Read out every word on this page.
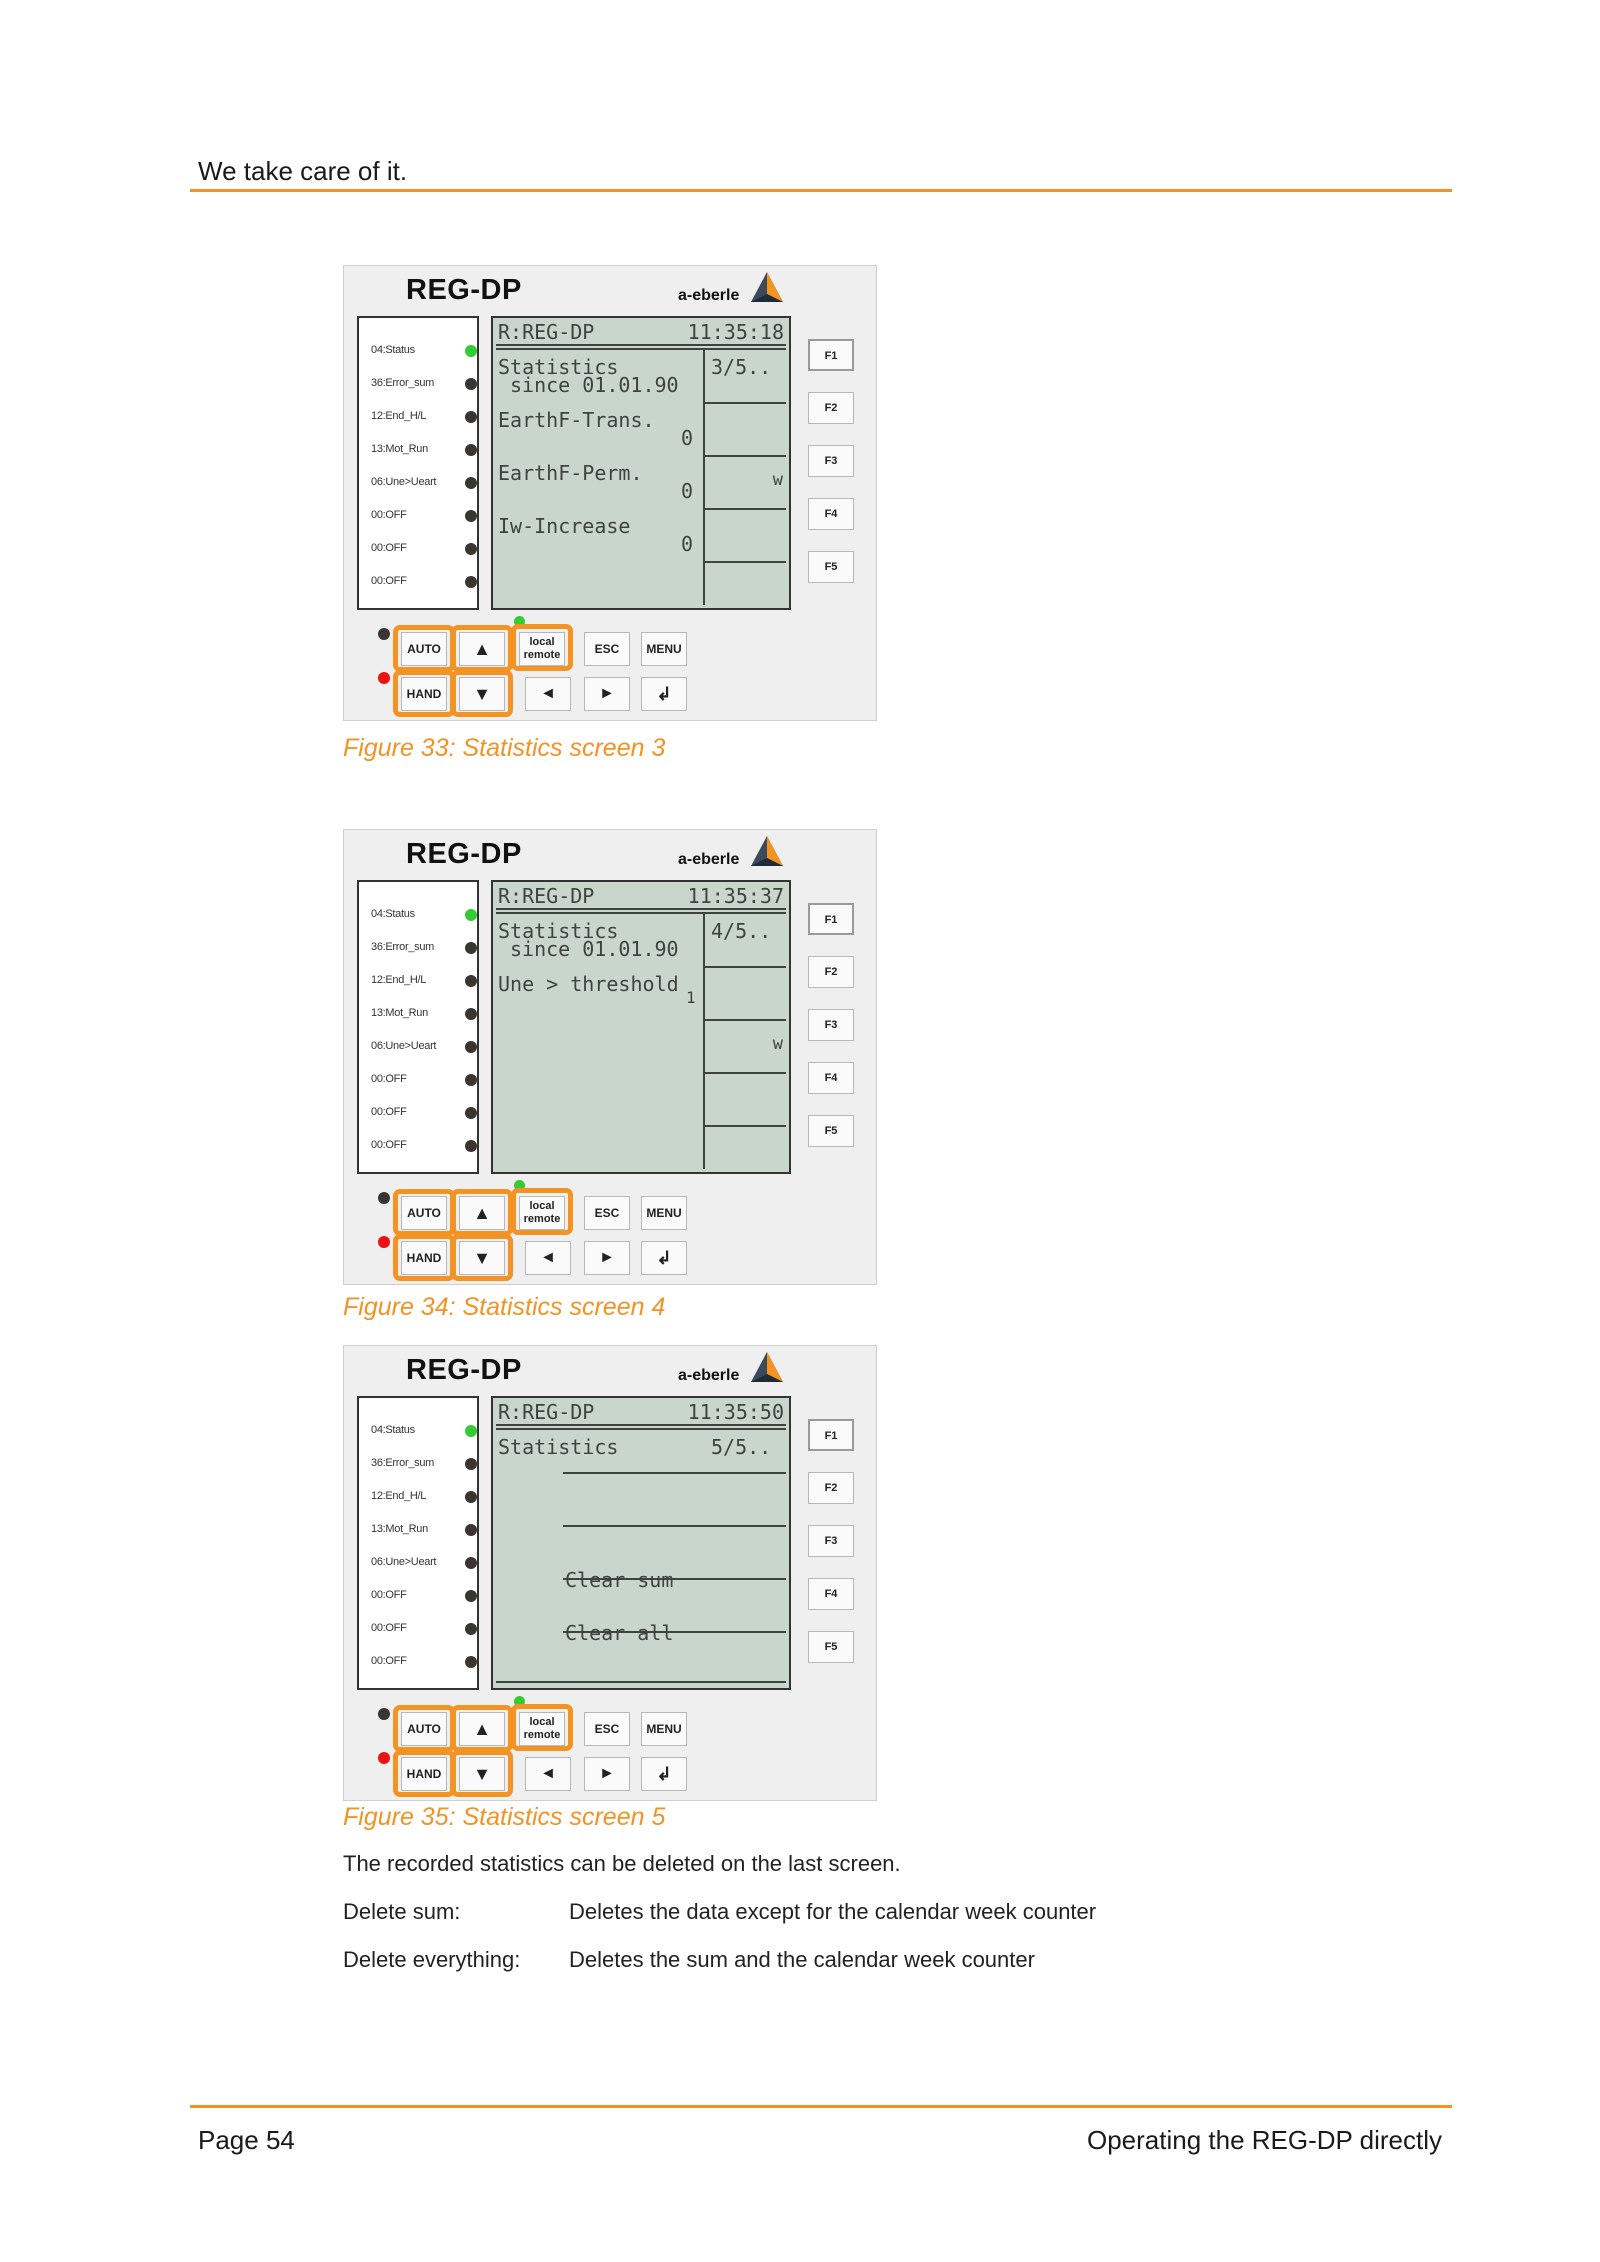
We take care of it.
REG-DP	a-eberle
04:Status
36:Error_sum
12:End_H/L
13:Mot_Run
06:Une>Ueart
00:OFF
00:OFF
00:OFF
R:REG-DP	11:35:18
Statistics	3/5..
since 01.01.90
w
EarthF-Trans.
0
EarthF-Perm.
0
Iw-Increase
0
F1
F2
F3
F4
F5
AUTO
HAND
▲
▼
local
remote	ESC	MENU
◄	►	↲
REG-DP	a-eberle
04:Status
36:Error_sum
12:End_H/L
13:Mot_Run
06:Une>Ueart
00:OFF
00:OFF
00:OFF
R:REG-DP	11:35:37
Statistics	4/5..
since 01.01.90
w
Une > threshold
1
F1
F2
F3
F4
F5
AUTO
HAND
▲
▼
local
remote	ESC	MENU
◄	►	↲
REG-DP	a-eberle
04:Status
36:Error_sum
12:End_H/L
13:Mot_Run
06:Une>Ueart
00:OFF
00:OFF
00:OFF
R:REG-DP	11:35:50
Statistics	5/5..
Clear sum
Clear all
F1
F2
F3
F4
F5
AUTO
HAND
▲
▼
local
remote	ESC	MENU
◄	►	↲
Figure 33: Statistics screen 3
Figure 34: Statistics screen 4
Figure 35: Statistics screen 5
The recorded statistics can be deleted on the last screen.
Delete sum:	Deletes the data except for the calendar week counter
Delete everything: Deletes the sum and the calendar week counter
Page 54	Operating the REG-DP directly
